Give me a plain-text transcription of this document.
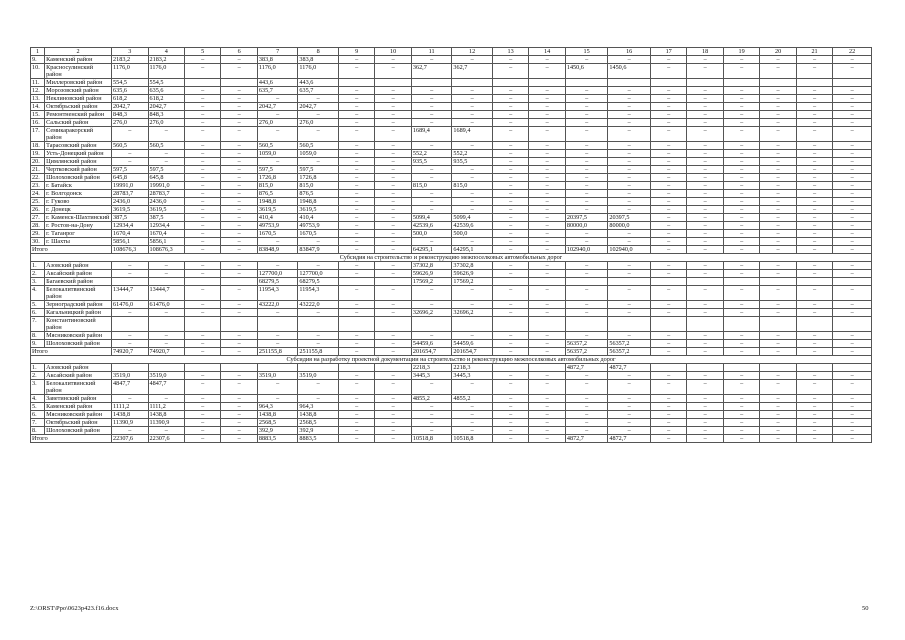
1	2	3	4	5	6	7	8	9	10	11	12	13	14	15	16	17	18	19	20	21	22
9.	Каменский район	2183,2	2183,2	–	–	383,8	383,8	–	–	–	–	–	–	–	–	–	–	–	–	–	–
10.	Красносулинский район	1176,0	1176,0	–	–	1176,0	1176,0	–	–	362,7	362,7	–	–	1450,6	1450,6	–	–	–	–	–	–
11.	Миллеровский район	554,5	554,5			443,6	443,6														
12.	Морозовский район	635,6	635,6	–	–	635,7	635,7	–	–	–	–	–	–	–	–	–	–	–	–	–	–
13.	Неклиновский район	618,2	618,2	–	–	–	–	–	–	–	–	–	–	–	–	–	–	–	–	–	–
14.	Октябрьский район	2042,7	2042,7	–	–	2042,7	2042,7	–	–	–	–	–	–	–	–	–	–	–	–	–	–
15.	Ремонтненский район	848,3	848,3	–	–	–	–	–	–	–	–	–	–	–	–	–	–	–	–	–	–
16.	Сальский район	276,0	276,0	–	–	276,0	276,0	–	–	–	–	–	–	–	–	–	–	–	–	–	–
17.	Семикаракорский район	–	–	–	–	–	–	–	–	1689,4	1689,4	–	–	–	–	–	–	–	–	–	–
18.	Тарасовский район	560,5	560,5	–	–	560,5	560,5	–	–	–	–	–	–	–	–	–	–	–	–	–	–
19.	Усть-Донецкий район	–	–	–	–	1059,0	1059,0	–	–	552,2	552,2	–	–	–	–	–	–	–	–	–	–
20.	Цимлянский район	–	–	–	–	–	–	–	–	935,5	935,5	–	–	–	–	–	–	–	–	–	–
21.	Чертковский район	597,5	597,5	–	–	597,5	597,5	–	–	–	–	–	–	–	–	–	–	–	–	–	–
22.	Шолоховский район	645,8	645,8	–	–	1726,8	1726,8	–	–	–	–	–	–	–	–	–	–	–	–	–	–
23.	г. Батайск	19991,0	19991,0	–	–	815,0	815,0	–	–	815,0	815,0	–	–	–	–	–	–	–	–	–	–
24.	г. Волгодонск	28783,7	28783,7	–	–	876,5	876,5	–	–	–	–	–	–	–	–	–	–	–	–	–	–
25.	г. Гуково	2436,0	2436,0	–	–	1948,8	1948,8	–	–	–	–	–	–	–	–	–	–	–	–	–	–
26.	г. Донецк	3619,5	3619,5	–	–	3619,5	3619,5	–	–	–	–	–	–	–	–	–	–	–	–	–	–
27.	г. Каменск-Шахтинский	387,5	387,5	–	–	410,4	410,4	–	–	5099,4	5099,4	–	–	20397,5	20397,5	–	–	–	–	–	–
28.	г. Ростов-на-Дону	12934,4	12934,4	–	–	49753,9	49753,9	–	–	42539,6	42539,6	–	–	80000,0	80000,0	–	–	–	–	–	–
29.	г. Таганрог	1670,4	1670,4	–	–	1670,5	1670,5	–	–	500,0	500,0	–	–	–	–	–	–	–	–	–	–
30.	г. Шахты	5856,1	5856,1	–	–	–	–	–	–	–	–	–	–	–	–	–	–	–	–	–	–
Итого		108676,3	108676,3	–	–	83848,9	83847,9	–	–	64295,1	64295,1	–	–	102940,0	102940,0	–	–	–	–	–	–
Субсидия на строительство и реконструкцию межпоселковых автомобильных дорог																					
1.	Азовский район	–	–	–	–	–	–	–	–	37302,8	37302,8	–	–	–	–	–	–	–	–	–	–
2.	Аксайский район	–	–	–	–	127700,0	127700,0	–	–	59626,9	59626,9	–	–	–	–	–	–	–	–	–	–
3.	Багаевский район					68279,5	68279,5			17569,2	17569,2										
4.	Белокалитвинский район	13444,7	13444,7	–	–	11954,3	11954,3	–	–	–	–	–	–	–	–	–	–	–	–	–	–
5.	Зерноградский район	61476,0	61476,0	–	–	43222,0	43222,0	–	–	–	–	–	–	–	–	–	–	–	–	–	–
6.	Кагальницкий район	–	–	–	–	–	–	–	–	32696,2	32696,2	–	–	–	–	–	–	–	–	–	–
7.	Константиновский район																				
8.	Мясниковский район	–	–	–	–	–	–	–	–	–	–	–	–	–	–	–	–	–	–	–	–
9.	Шолоховский район	–	–	–	–	–	–	–	–	54459,6	54459,6	–	–	56357,2	56357,2	–	–	–	–	–	–
Итого		74920,7	74920,7	–	–	251155,8	251155,8	–	–	201654,7	201654,7	–	–	56357,2	56357,2	–	–	–	–	–	–
Субсидия на разработку проектной документации на строительство и реконструкцию межпоселковых автомобильных дорог																					
1.	Азовский район									2218,3	2218,3			4872,7	4872,7						
2.	Аксайский район	3519,0	3519,0	–	–	3519,0	3519,0	–	–	3445,3	3445,3	–	–	–	–	–	–	–	–	–	–
3.	Белокалитвинский район	4847,7	4847,7	–	–	–	–	–	–	–	–	–	–	–	–	–	–	–	–	–	–
4.	Заветинский район	–	–	–	–	–	–	–	–	4855,2	4855,2	–	–	–	–	–	–	–	–	–	–
5.	Каменский район	1111,2	1111,2	–	–	964,3	964,3	–	–	–	–	–	–	–	–	–	–	–	–	–	–
6.	Мясниковский район	1438,8	1438,8	–	–	1438,8	1438,8	–	–	–	–	–	–	–	–	–	–	–	–	–	–
7.	Октябрьский район	11390,9	11390,9	–	–	2568,5	2568,5	–	–	–	–	–	–	–	–	–	–	–	–	–	–
8.	Шолоховский район	–	–	–	–	392,9	392,9	–	–	–	–	–	–	–	–	–	–	–	–	–	–
Итого		22307,6	22307,6	–	–	8883,5	8883,5	–	–	10518,8	10518,8	–	–	4872,7	4872,7	–	–	–	–	–	–
Z:\ORST\Ppo\0623p423.f16.docx	50
